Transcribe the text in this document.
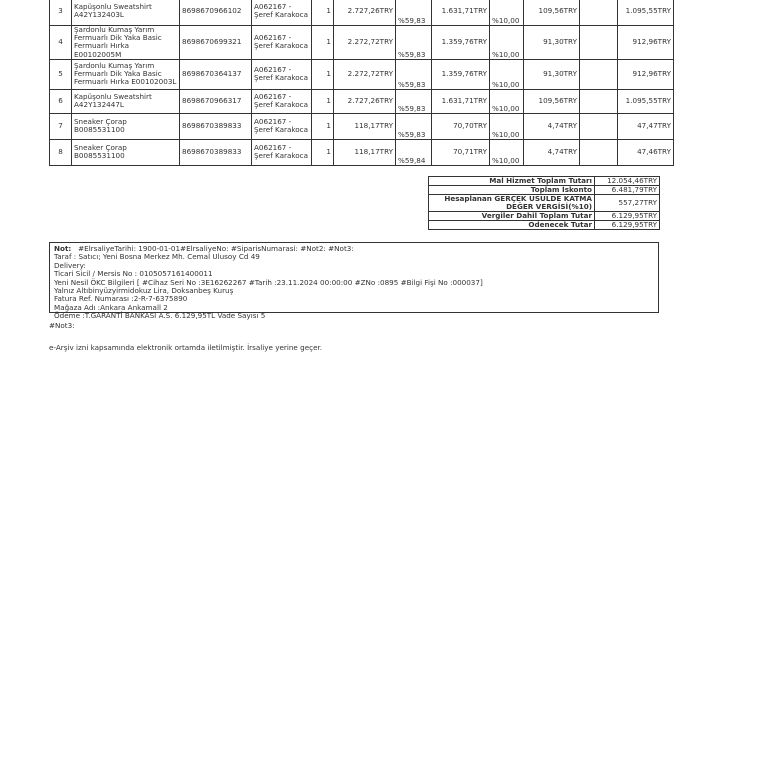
3	Kapüşonlu Sweatshirt A42Y132403L	8698670966102	A062167 - Şeref Karakoca	1	2.727,26TRY	%59,83	1.631,71TRY	%10,00	109,56TRY		1.095,55TRY
4	Şardonlu Kumaş Yarım Fermuarlı Dik Yaka Basic Fermuarlı Hırka E00102005M	8698670699321	A062167 - Şeref Karakoca	1	2.272,72TRY	%59,83	1.359,76TRY	%10,00	91,30TRY		912,96TRY
5	Şardonlu Kumaş Yarım Fermuarlı Dik Yaka Basic Fermuarlı Hırka E00102003L	8698670364137	A062167 - Şeref Karakoca	1	2.272,72TRY	%59,83	1.359,76TRY	%10,00	91,30TRY		912,96TRY
6	Kapüşonlu Sweatshirt A42Y132447L	8698670966317	A062167 - Şeref Karakoca	1	2.727,26TRY	%59,83	1.631,71TRY	%10,00	109,56TRY		1.095,55TRY
7	Sneaker Çorap B0085531100	8698670389833	A062167 - Şeref Karakoca	1	118,17TRY	%59,83	70,70TRY	%10,00	4,74TRY		47,47TRY
8	Sneaker Çorap B0085531100	8698670389833	A062167 - Şeref Karakoca	1	118,17TRY	%59,84	70,71TRY	%10,00	4,74TRY		47,46TRY
Mal Hizmet Toplam Tutarı	12.054,46TRY
Toplam İskonto	6.481,79TRY
Hesaplanan GERÇEK USULDE KATMA DEĞER VERGİSİ(%10)	557,27TRY
Vergiler Dahil Toplam Tutar	6.129,95TRY
Ödenecek Tutar	6.129,95TRY
Not: #ElrsaliyeTarihi: 1900-01-01#ElrsaliyeNo: #SiparisNumarasi: #Not2: #Not3:
Taraf : Satıcı; Yeni Bosna Merkez Mh. Cemal Ulusoy Cd 49
Delivery:
Ticari Sicil / Mersis No : 0105057161400011
Yeni Nesil ÖKC Bilgileri [ #Cihaz Seri No :3E16262267 #Tarih :23.11.2024 00:00:00 #ZNo :0895 #Bilgi Fişi No :000037]
Yalnız Altıbinyüzyirmidokuz Lira, Doksanbeş Kuruş
Fatura Ref. Numarası :2-R-7-6375890
Mağaza Adı :Ankara Ankamall 2
Ödeme :T.GARANTİ BANKASI A.S. 6.129,95TL Vade Sayısı 5
#Not3:
e-Arşiv izni kapsamında elektronik ortamda iletilmiştir. İrsaliye yerine geçer.
